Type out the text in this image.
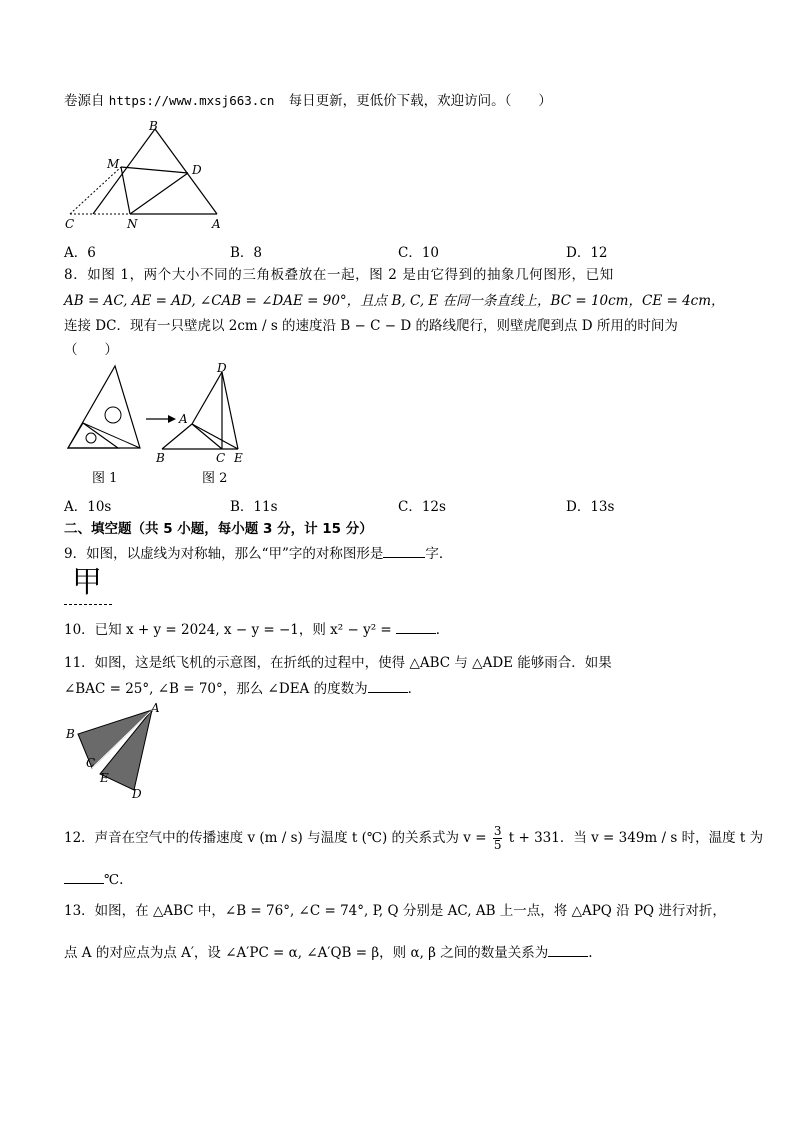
卷源自 https://www.mxsj663.cn 每日更新，更低价下载，欢迎访问。（　　）
B
M	D
C	N	A
A．6	B．8	C．10	D．12
8．如图 1，两个大小不同的三角板叠放在一起，图 2 是由它得到的抽象几何图形，已知
AB = AC, AE = AD, ∠CAB = ∠DAE = 90°，且点 B, C, E 在同一条直线上，BC = 10cm，CE = 4cm，
连接 DC．现有一只壁虎以 2cm / s 的速度沿 B − C − D 的路线爬行，则壁虎爬到点 D 所用的时间为
（　　）
D
A
B	C E
图 1	图 2
A．10s	B．11s	C．12s	D．13s
二、填空题（共 5 小题，每小题 3 分，计 15 分）
9．如图，以虚线为对称轴，那么“甲”字的对称图形是	字．
甲
10．已知 x + y = 2024, x − y = −1，则 x² − y² =	．
11．如图，这是纸飞机的示意图，在折纸的过程中，使得 △ABC 与 △ADE 能够雨合．如果
∠BAC = 25°, ∠B = 70°，那么 ∠DEA 的度数为	．
A
B
C
E
D
12．声音在空气中的传播速度 v (m / s) 与温度 t (℃) 的关系式为 $v = \frac{3}{5}$ t + 331．当 v = 349m / s 时，温度 t 为
℃.
13．如图，在 △ABC 中，∠B = 76°, ∠C = 74°, P, Q 分别是 AC, AB 上一点，将 △APQ 沿 PQ 进行对折，
点 A 的对应点为点 A′，设 ∠A′PC = α, ∠A′QB = β，则 α, β 之间的数量关系为	.
